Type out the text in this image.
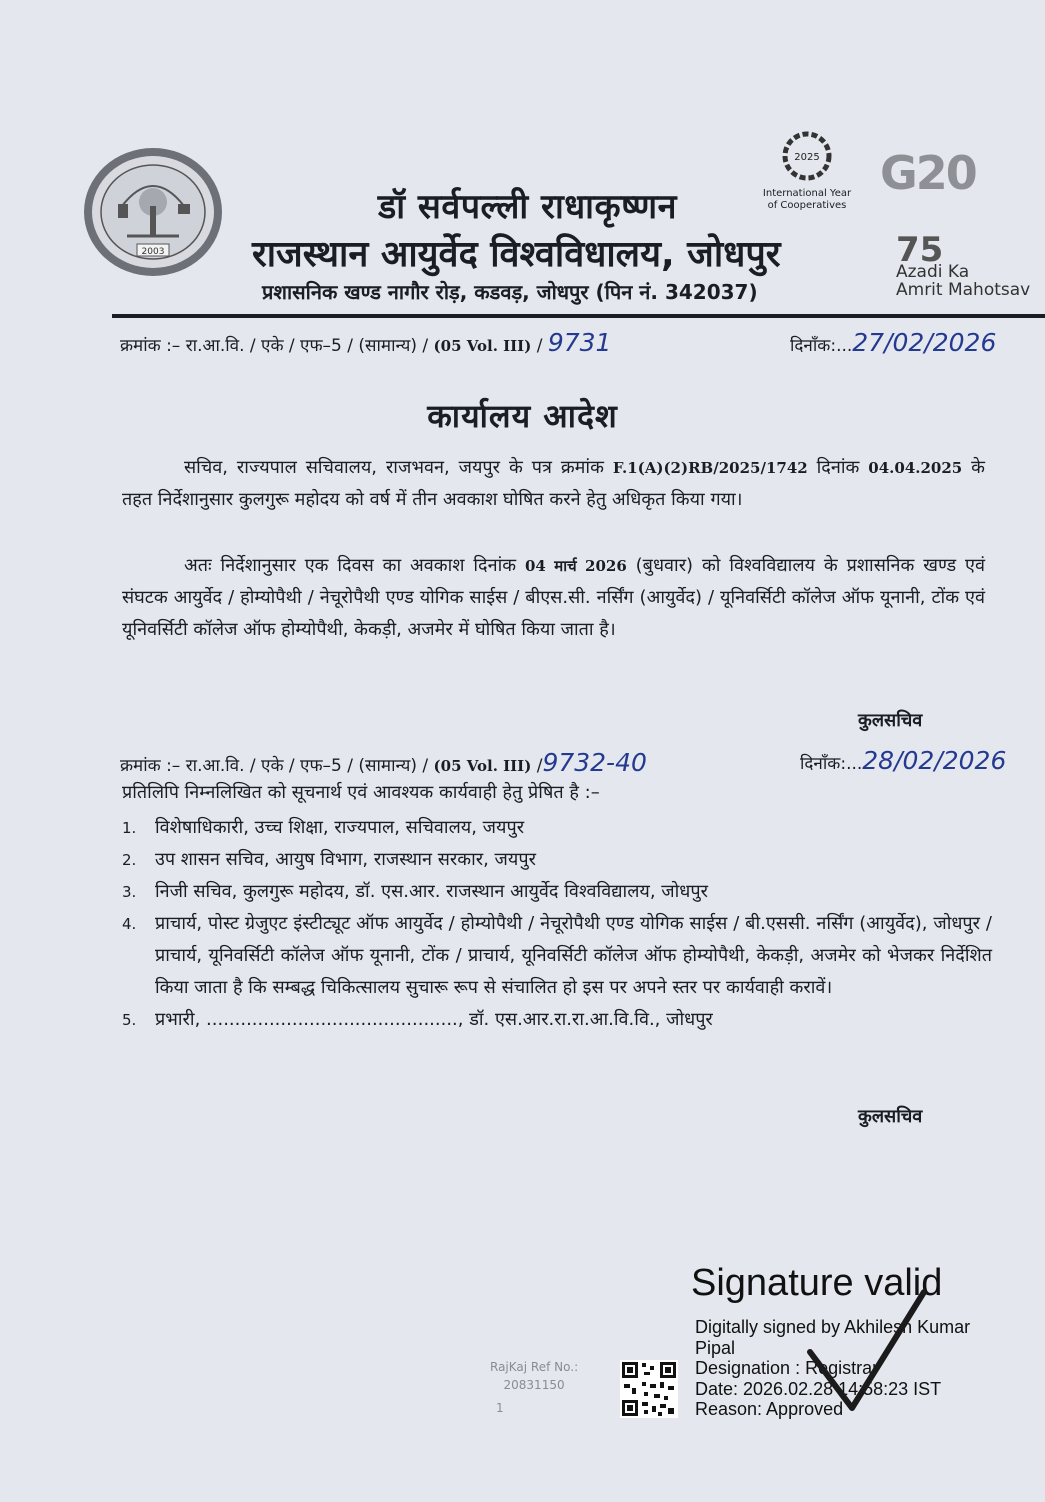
2003
डॉ सर्वपल्ली राधाकृष्णन
राजस्थान आयुर्वेद विश्वविधालय, जोधपुर
प्रशासनिक खण्ड नागौर रोड़, कडवड़, जोधपुर (पिन नं. 342037)
2025
International Year of Cooperatives
G20
75
Azadi Ka
Amrit Mahotsav
क्रमांक :– रा.आ.वि. / एके / एफ–5 / (सामान्य) / (05 Vol. III) / 9731	दिनाँक:...27/02/2026
कार्यालय आदेश
सचिव, राज्यपाल सचिवालय, राजभवन, जयपुर के पत्र क्रमांक F.1(A)(2)RB/2025/1742 दिनांक 04.04.2025 के तहत निर्देशानुसार कुलगुरू महोदय को वर्ष में तीन अवकाश घोषित करने हेतु अधिकृत किया गया।
अतः निर्देशानुसार एक दिवस का अवकाश दिनांक 04 मार्च 2026 (बुधवार) को विश्वविद्यालय के प्रशासनिक खण्ड एवं संघटक आयुर्वेद / होम्योपैथी / नेचूरोपैथी एण्ड योगिक साईस / बीएस.सी. नर्सिंग (आयुर्वेद) / यूनिवर्सिटी कॉलेज ऑफ यूनानी, टोंक एवं यूनिवर्सिटी कॉलेज ऑफ होम्योपैथी, केकड़ी, अजमेर में घोषित किया जाता है।
कुलसचिव
क्रमांक :– रा.आ.वि. / एके / एफ–5 / (सामान्य) / (05 Vol. III) /9732-40	दिनाँक:...28/02/2026
प्रतिलिपि निम्नलिखित को सूचनार्थ एवं आवश्यक कार्यवाही हेतु प्रेषित है :–
1.	विशेषाधिकारी, उच्च शिक्षा, राज्यपाल, सचिवालय, जयपुर
2.	उप शासन सचिव, आयुष विभाग, राजस्थान सरकार, जयपुर
3.	निजी सचिव, कुलगुरू महोदय, डॉ. एस.आर. राजस्थान आयुर्वेद विश्वविद्यालय, जोधपुर
4.	प्राचार्य, पोस्ट ग्रेजुएट इंस्टीट्यूट ऑफ आयुर्वेद / होम्योपैथी / नेचूरोपैथी एण्ड योगिक साईस / बी.एससी. नर्सिंग (आयुर्वेद), जोधपुर / प्राचार्य, यूनिवर्सिटी कॉलेज ऑफ यूनानी, टोंक / प्राचार्य, यूनिवर्सिटी कॉलेज ऑफ होम्योपैथी, केकड़ी, अजमेर को भेजकर निर्देशित किया जाता है कि सम्बद्ध चिकित्सालय सुचारू रूप से संचालित हो इस पर अपने स्तर पर कार्यवाही करावें।
5.	प्रभारी, ............................................, डॉ. एस.आर.रा.रा.आ.वि.वि., जोधपुर
कुलसचिव
RajKaj Ref No.:
20831150
1
Signature valid
Digitally signed by Akhilesh Kumar Pipal
Designation : Registrar
Date: 2026.02.28 14:58:23 IST
Reason: Approved
